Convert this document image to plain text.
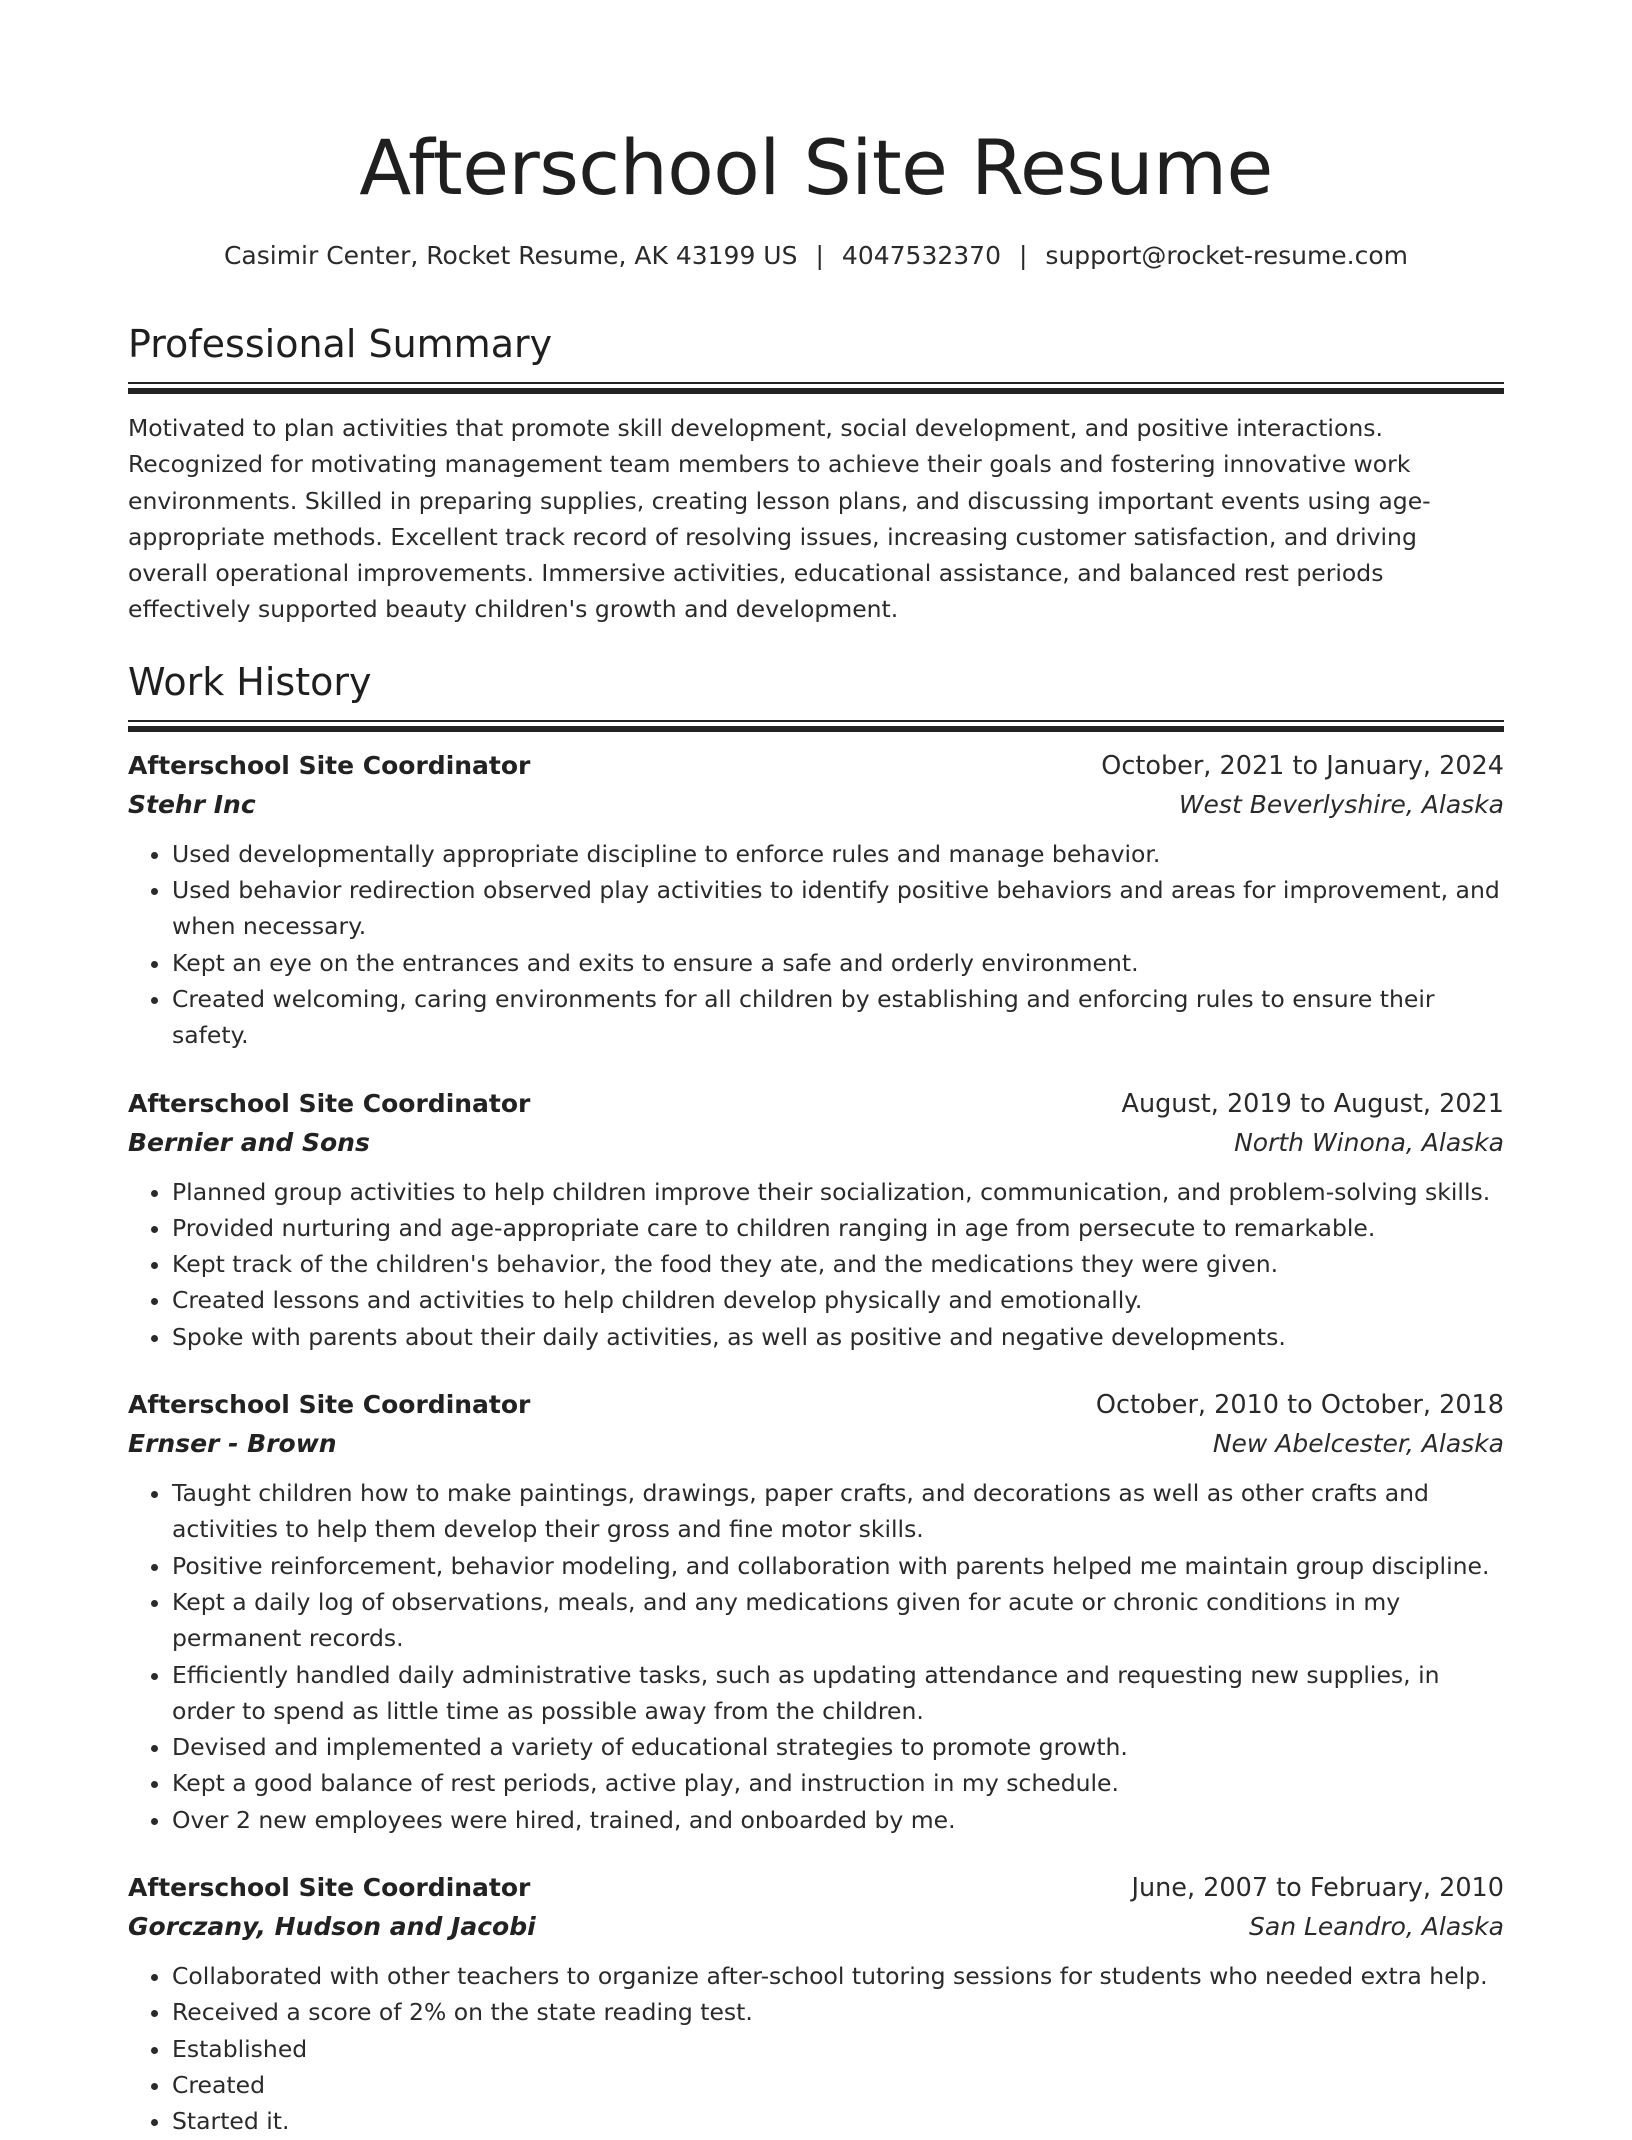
Afterschool Site Resume
Casimir Center, Rocket Resume, AK 43199 US | 4047532370 | support@rocket-resume.com
Professional Summary

Motivated to plan activities that promote skill development, social development, and positive interactions. Recognized for motivating management team members to achieve their goals and fostering innovative work environments. Skilled in preparing supplies, creating lesson plans, and discussing important events using age-appropriate methods. Excellent track record of resolving issues, increasing customer satisfaction, and driving overall operational improvements. Immersive activities, educational assistance, and balanced rest periods effectively supported beauty children's growth and development.

Work History
Afterschool Site Coordinator	October, 2021 to January, 2024
Stehr Inc	West Beverlyshire, Alaska
• Used developmentally appropriate discipline to enforce rules and manage behavior.
• Used behavior redirection observed play activities to identify positive behaviors and areas for improvement, and when necessary.
• Kept an eye on the entrances and exits to ensure a safe and orderly environment.
• Created welcoming, caring environments for all children by establishing and enforcing rules to ensure their safety.
Afterschool Site Coordinator	August, 2019 to August, 2021
Bernier and Sons	North Winona, Alaska
• Planned group activities to help children improve their socialization, communication, and problem-solving skills.
• Provided nurturing and age-appropriate care to children ranging in age from persecute to remarkable.
• Kept track of the children's behavior, the food they ate, and the medications they were given.
• Created lessons and activities to help children develop physically and emotionally.
• Spoke with parents about their daily activities, as well as positive and negative developments.
Afterschool Site Coordinator	October, 2010 to October, 2018
Ernser - Brown	New Abelcester, Alaska
• Taught children how to make paintings, drawings, paper crafts, and decorations as well as other crafts and activities to help them develop their gross and fine motor skills.
• Positive reinforcement, behavior modeling, and collaboration with parents helped me maintain group discipline.
• Kept a daily log of observations, meals, and any medications given for acute or chronic conditions in my permanent records.
• Efficiently handled daily administrative tasks, such as updating attendance and requesting new supplies, in order to spend as little time as possible away from the children.
• Devised and implemented a variety of educational strategies to promote growth.
• Kept a good balance of rest periods, active play, and instruction in my schedule.
• Over 2 new employees were hired, trained, and onboarded by me.
Afterschool Site Coordinator	June, 2007 to February, 2010
Gorczany, Hudson and Jacobi	San Leandro, Alaska
• Collaborated with other teachers to organize after-school tutoring sessions for students who needed extra help.
• Received a score of 2% on the state reading test.
• Established
• Created
• Started it.
